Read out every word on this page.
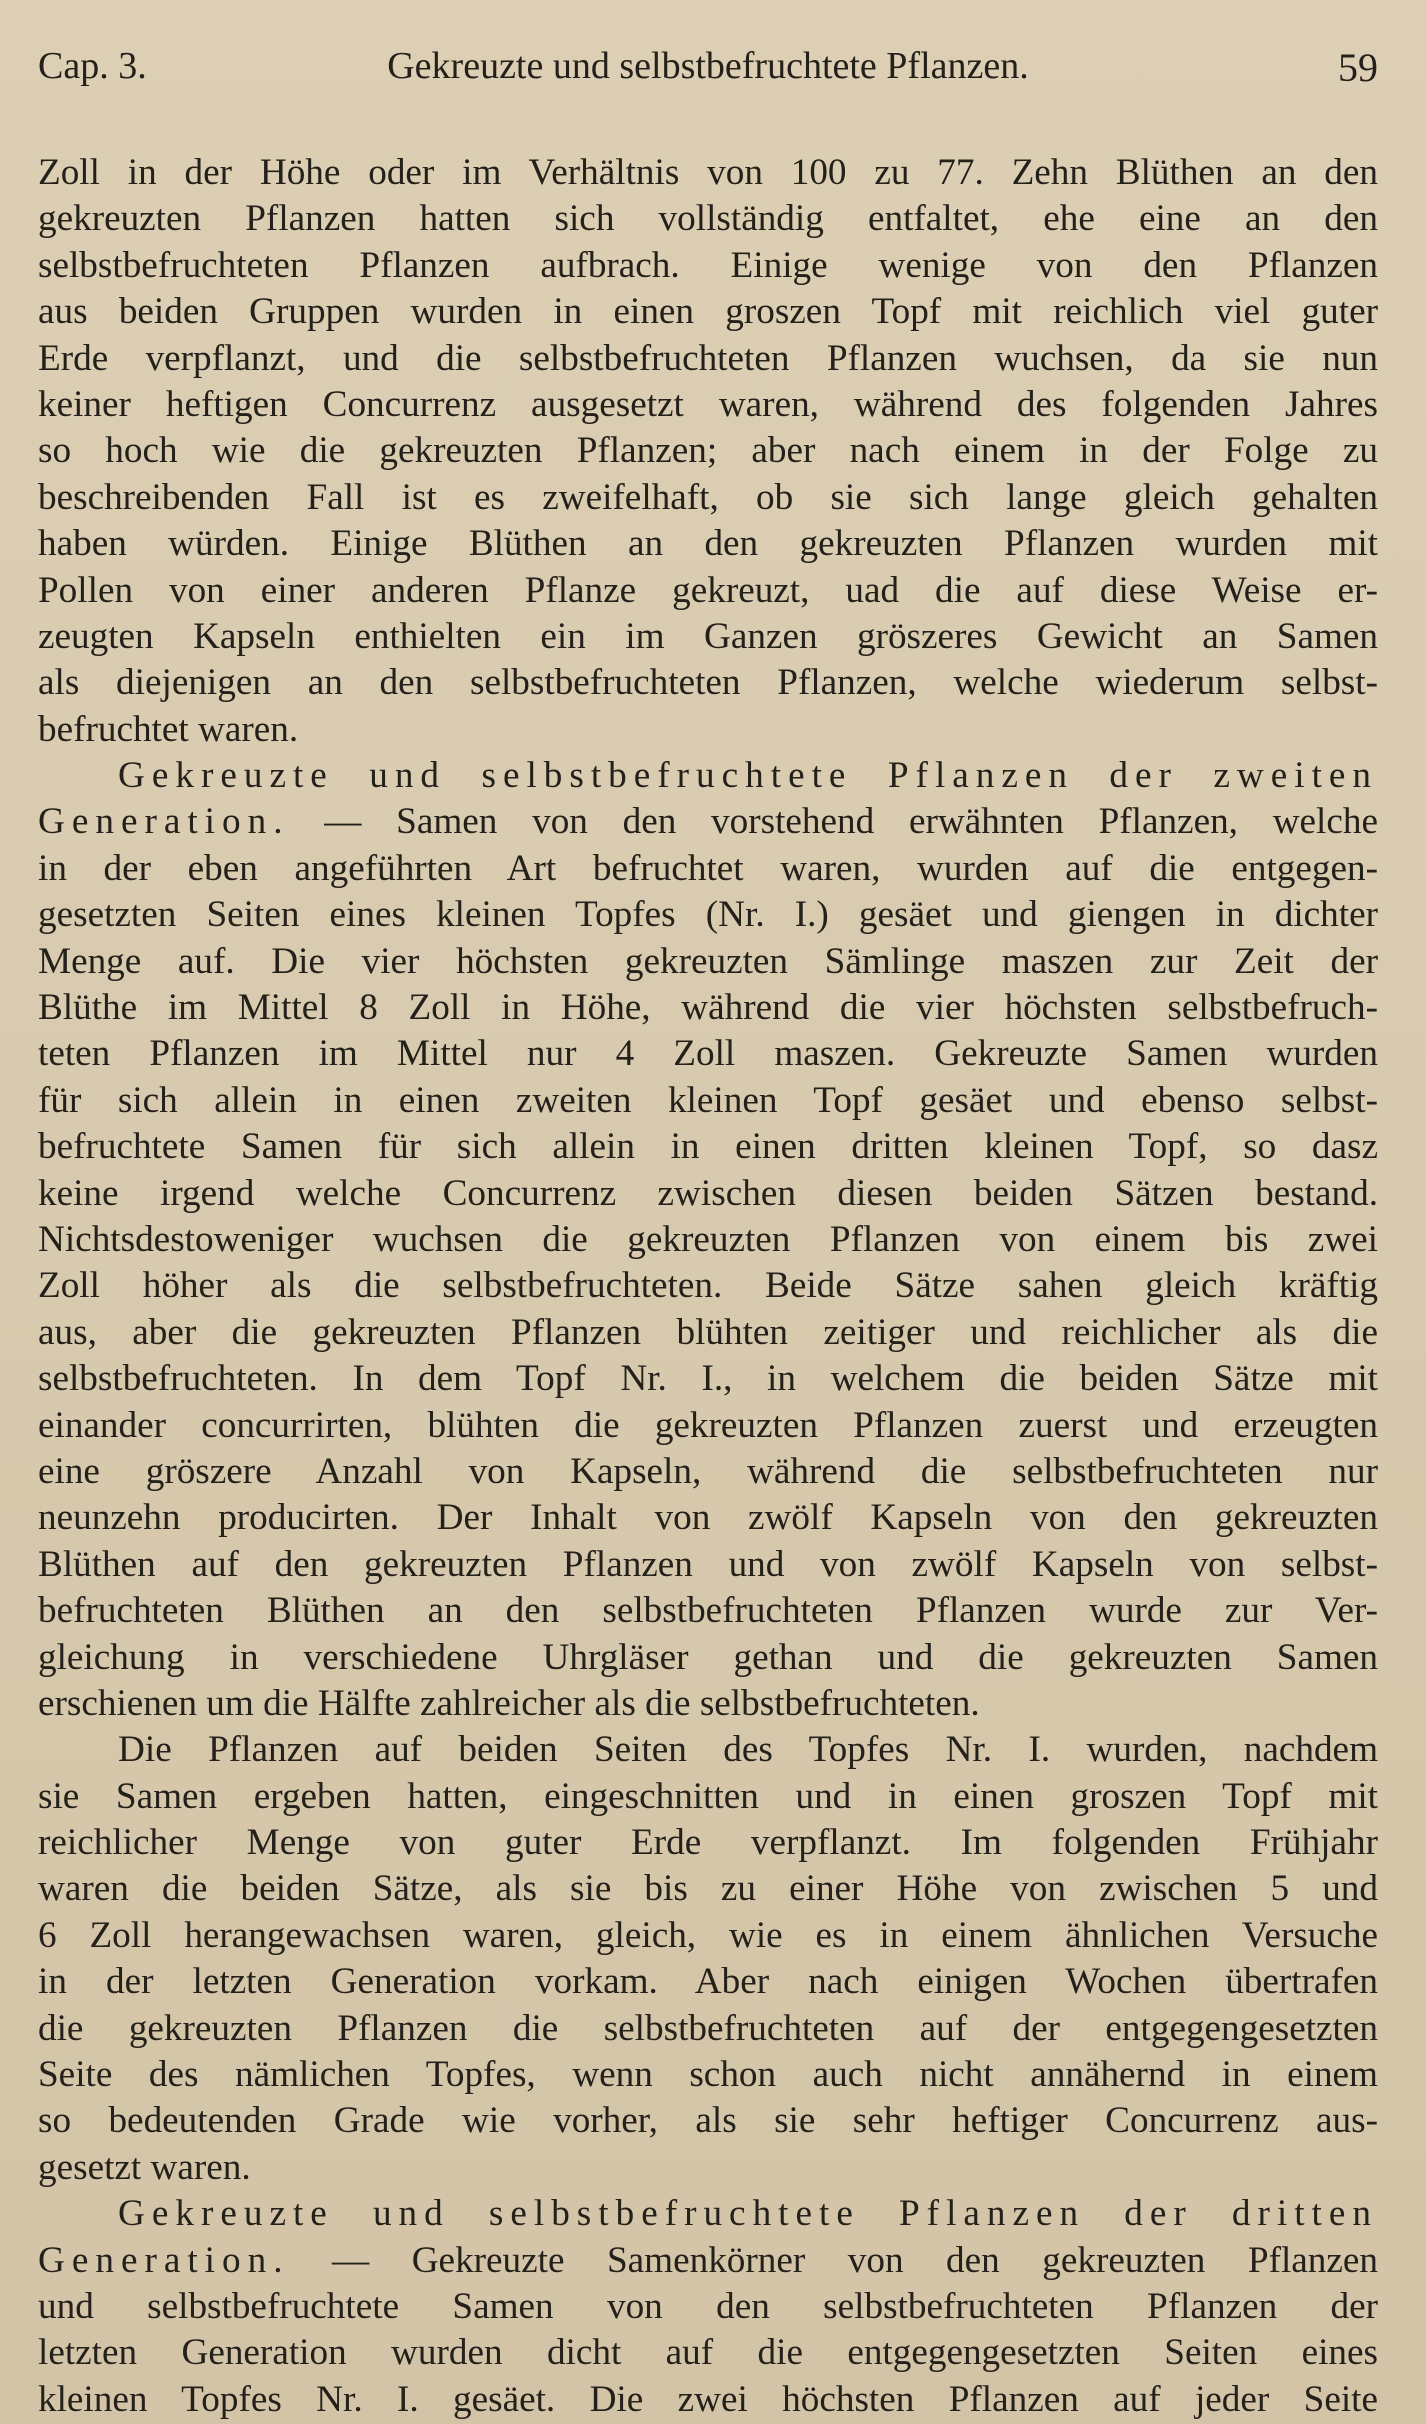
Cap. 3.	Gekreuzte und selbstbefruchtete Pflanzen.	59
Zoll in der Höhe oder im Verhältnis von 100 zu 77. Zehn Blüthen an den
gekreuzten Pflanzen hatten sich vollständig entfaltet, ehe eine an den
selbstbefruchteten Pflanzen aufbrach. Einige wenige von den Pflanzen
aus beiden Gruppen wurden in einen groszen Topf mit reichlich viel guter
Erde verpflanzt, und die selbstbefruchteten Pflanzen wuchsen, da sie nun
keiner heftigen Concurrenz ausgesetzt waren, während des folgenden Jahres
so hoch wie die gekreuzten Pflanzen; aber nach einem in der Folge zu
beschreibenden Fall ist es zweifelhaft, ob sie sich lange gleich gehalten
haben würden. Einige Blüthen an den gekreuzten Pflanzen wurden mit
Pollen von einer anderen Pflanze gekreuzt, uad die auf diese Weise er-
zeugten Kapseln enthielten ein im Ganzen gröszeres Gewicht an Samen
als diejenigen an den selbstbefruchteten Pflanzen, welche wiederum selbst-
befruchtet waren.
Gekreuzte und selbstbefruchtete Pflanzen der zweiten
Generation. — Samen von den vorstehend erwähnten Pflanzen, welche
in der eben angeführten Art befruchtet waren, wurden auf die entgegen-
gesetzten Seiten eines kleinen Topfes (Nr. I.) gesäet und giengen in dichter
Menge auf. Die vier höchsten gekreuzten Sämlinge maszen zur Zeit der
Blüthe im Mittel 8 Zoll in Höhe, während die vier höchsten selbstbefruch-
teten Pflanzen im Mittel nur 4 Zoll maszen. Gekreuzte Samen wurden
für sich allein in einen zweiten kleinen Topf gesäet und ebenso selbst-
befruchtete Samen für sich allein in einen dritten kleinen Topf, so dasz
keine irgend welche Concurrenz zwischen diesen beiden Sätzen bestand.
Nichtsdestoweniger wuchsen die gekreuzten Pflanzen von einem bis zwei
Zoll höher als die selbstbefruchteten. Beide Sätze sahen gleich kräftig
aus, aber die gekreuzten Pflanzen blühten zeitiger und reichlicher als die
selbstbefruchteten. In dem Topf Nr. I., in welchem die beiden Sätze mit
einander concurrirten, blühten die gekreuzten Pflanzen zuerst und erzeugten
eine gröszere Anzahl von Kapseln, während die selbstbefruchteten nur
neunzehn producirten. Der Inhalt von zwölf Kapseln von den gekreuzten
Blüthen auf den gekreuzten Pflanzen und von zwölf Kapseln von selbst-
befruchteten Blüthen an den selbstbefruchteten Pflanzen wurde zur Ver-
gleichung in verschiedene Uhrgläser gethan und die gekreuzten Samen
erschienen um die Hälfte zahlreicher als die selbstbefruchteten.
Die Pflanzen auf beiden Seiten des Topfes Nr. I. wurden, nachdem
sie Samen ergeben hatten, eingeschnitten und in einen groszen Topf mit
reichlicher Menge von guter Erde verpflanzt. Im folgenden Frühjahr
waren die beiden Sätze, als sie bis zu einer Höhe von zwischen 5 und
6 Zoll herangewachsen waren, gleich, wie es in einem ähnlichen Versuche
in der letzten Generation vorkam. Aber nach einigen Wochen übertrafen
die gekreuzten Pflanzen die selbstbefruchteten auf der entgegengesetzten
Seite des nämlichen Topfes, wenn schon auch nicht annähernd in einem
so bedeutenden Grade wie vorher, als sie sehr heftiger Concurrenz aus-
gesetzt waren.
Gekreuzte und selbstbefruchtete Pflanzen der dritten
Generation. — Gekreuzte Samenkörner von den gekreuzten Pflanzen
und selbstbefruchtete Samen von den selbstbefruchteten Pflanzen der
letzten Generation wurden dicht auf die entgegengesetzten Seiten eines
kleinen Topfes Nr. I. gesäet. Die zwei höchsten Pflanzen auf jeder Seite
